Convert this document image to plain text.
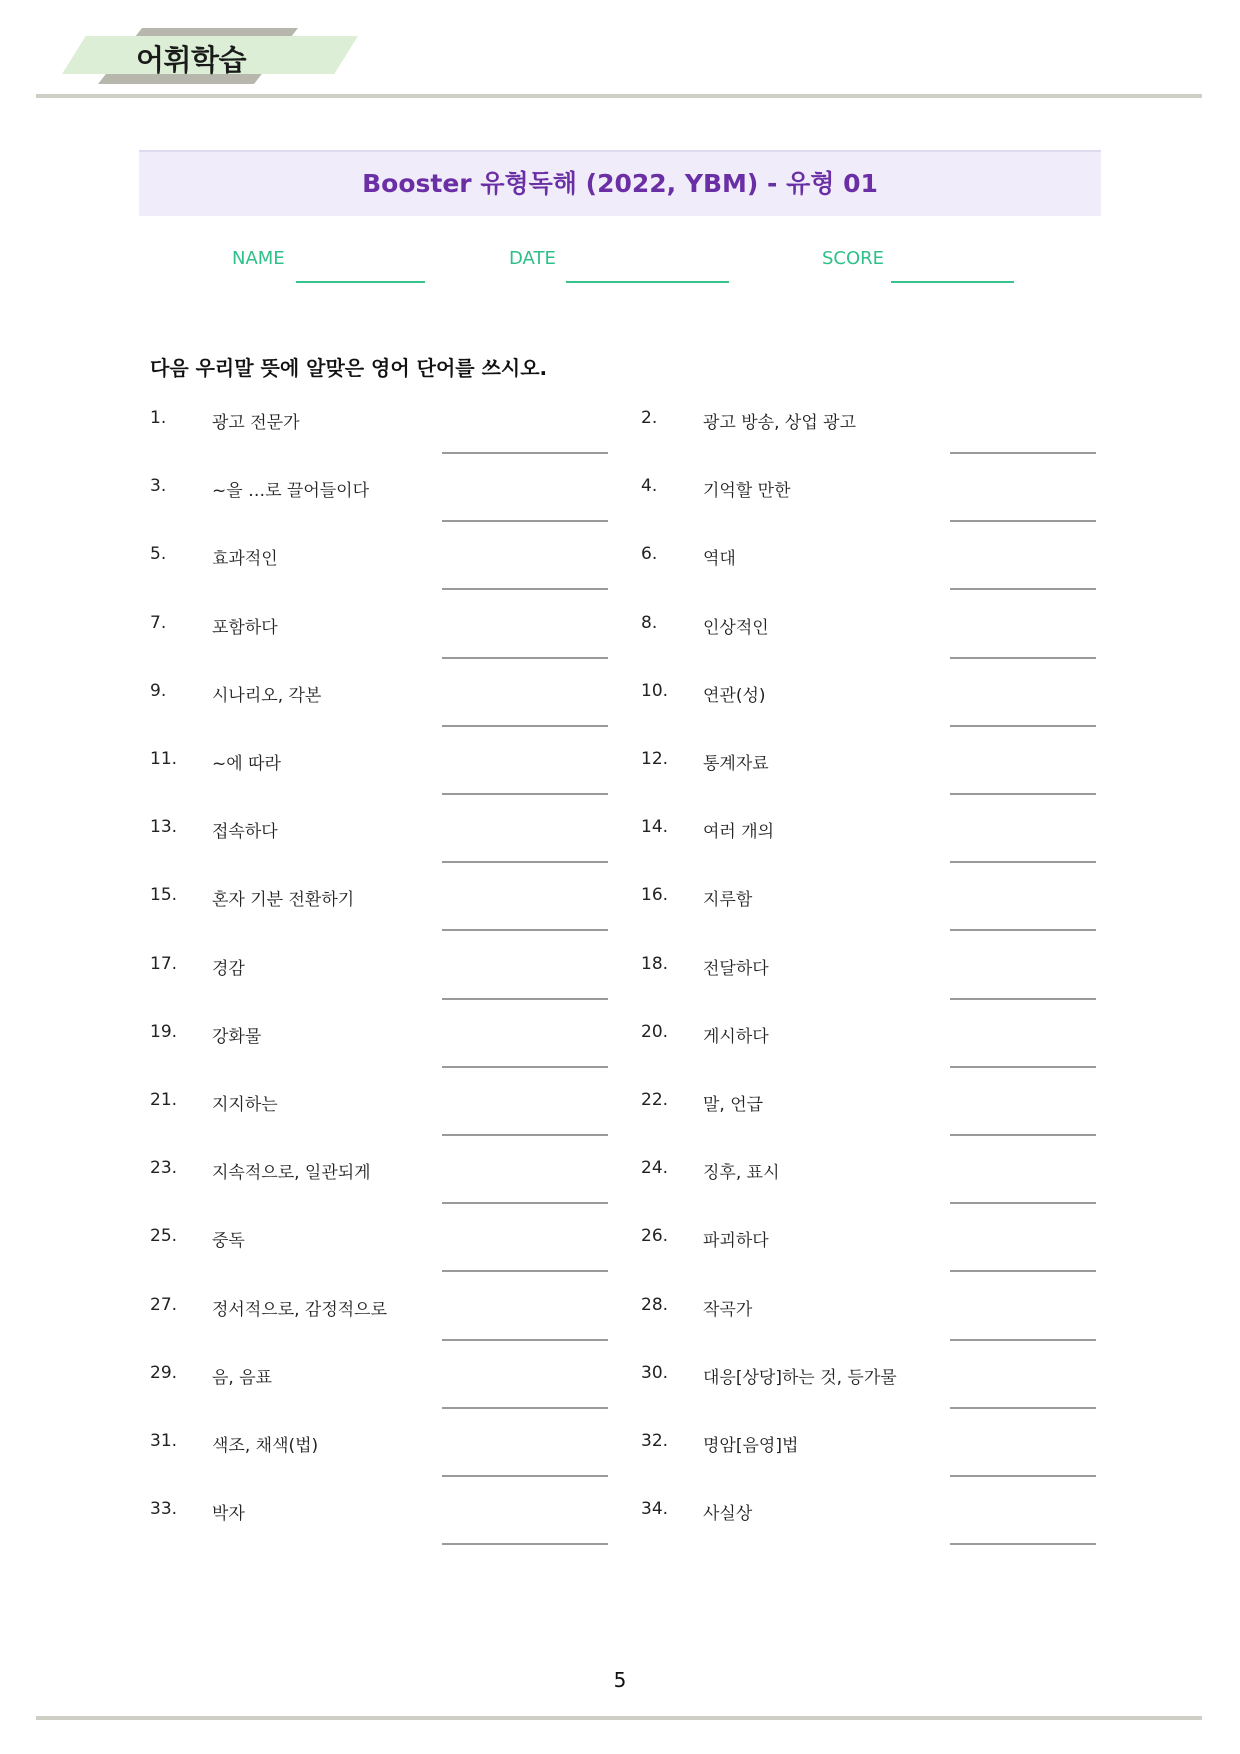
어휘학습
Booster 유형독해 (2022, YBM) - 유형 01
NAME	DATE	SCORE
다음 우리말 뜻에 알맞은 영어 단어를 쓰시오.
1.	광고 전문가	2.	광고 방송, 상업 광고
3.	~을 …로 끌어들이다	4.	기억할 만한
5.	효과적인	6.	역대
7.	포함하다	8.	인상적인
9.	시나리오, 각본	10. 연관(성)
11. ~에 따라	12. 통계자료
13. 접속하다	14. 여러 개의
15. 혼자 기분 전환하기	16. 지루함
17. 경감	18. 전달하다
19. 강화물	20. 게시하다
21. 지지하는	22. 말, 언급
23. 지속적으로, 일관되게	24. 징후, 표시
25. 중독	26. 파괴하다
27. 정서적으로, 감정적으로	28. 작곡가
29. 음, 음표	30. 대응[상당]하는 것, 등가물
31. 색조, 채색(법)	32. 명암[음영]법
33. 박자	34. 사실상
5
